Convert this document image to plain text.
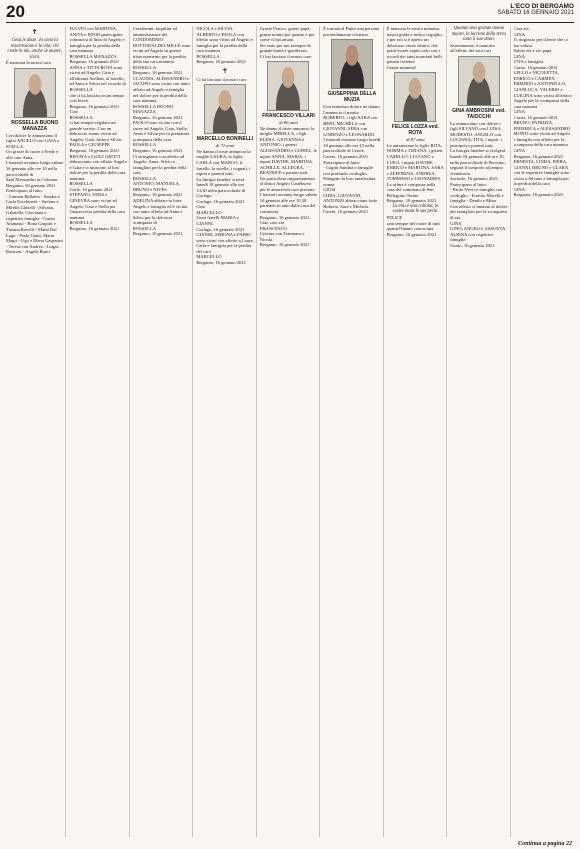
20	L'ECO DI BERGAMO
SABATO 16 GENNAIO 2021
✝
Gesù le disse: Io sono la resurrezione e la vita; chi crede in me, anche se muore, vivrà.
È mancata la nostra cara
ROSSELLA BUONO MANAZZA
Con dolore lo annunciano il figlio ANGELO con GAIA e STELLA.
Un grazie di cuore a Fredy e alle care Anna.
I funerali avranno luogo sabato 16 gennaio alle ore 10 nella parrocchiale di Sant'Alessandro in Colonna.
Bergamo, 16 gennaio 2021
Partecipano al lutto:
- Carmen Ballabio - Sandra e Carla Facchinetti - Stefano e Mirella Ghiselli - Silvana, Gabriella, Giovanna e rispettive famiglie - Guido Attanasio - Bona Gaspari e Tiziana Ravelli - Marta Dal Lago - Paola Giani, Marta Magri - Ugo e Elena Gasparini - Teresa con Andrea - Luigia Ronzoni - Angela Bravi
FULVIO con MARTINA, ANITA e EDOO partecipano commossi al lutto di Angelo e famiglia per la perdita della cara mamma
ROSSELLA MANAZZA
Bergamo, 16 gennaio 2021
ANNA e TITTA ROTA sono vicini ad Angelo, Gaia e all'adorata Stellina, al fratello, ad Anna e Silvio nel ricordo di
ROSSELLA
che ci ha lasciato in un tempo così breve.
Bergamo, 16 gennaio 2021
Ciao
ROSSELLA
ci hai sempre regalato un grande sorriso. Con un abbraccio siamo vicini ad Angelo, Gaia, Anna e Silvio.
PAOLA e GIUSEPPE
Bergamo, 16 gennaio 2021
RENATA e LUIGI GRITTI abbracciano con affetto Angelo e Gaia e si uniscono al loro dolore per la perdita della cara mamma
ROSSELLA
Gorle, 16 gennaio 2021
STEFANO, VERA e GINEVRA sono vicini ad Angelo, Gaia e Stella per l'improvvisa perdita della cara mamma
ROSSELLA
Bergamo, 16 gennaio 2021
Condomini, inquilini ed amministratore del CONDOMINIO BOTTODALDELMILLE sono vicini ad Angelo in questo triste momento per la perdita della sua cara mamma
ROSSELLA
Bergamo, 16 gennaio 2021
CLAUDIA, ALESSANDRO e JACOPO sono vicini con tanto affetto ad Angelo e famiglia nel dolore per la perdita della cara mamma
ROSSELLA BUONO MANAZZA
Bergamo, 16 gennaio 2021
PAOLO sono vicino con il cuore ad Angelo, Gaia, Stella, Anna e Silvio per la prematura scomparsa della cara
ROSSELLA
Bergamo, 16 gennaio 2021
Ci stringiamo con affetto ad Angelo, Anna, Silvio e famigliari per la perdita della cara
ROSSELLA
ANTONIO, MANUELA, BRUNO e NIVES
Bergamo, 16 gennaio 2021
ADELINA abbraccia forte Angelo e famiglia ed è vicina con tanto affetto ad Anna e Silvio per la dolorosa scomparsa di
ROSSELLA
Bergamo, 16 gennaio 2021
NICOLA e SILVIA, ALBERTO e PAOLA con affetto sono vicini ad Angelo e famiglia per la perdita della cara mamma
ROSSELLA
Bergamo, 16 gennaio 2021
✝
Ci ha lasciato il nostro caro
MARCELLO BONINELLI
di 72 anni
Ne danno il triste annuncio la moglie LAURA, la figlia CARLA con MARCO, il fratello, le sorelle, i cognati, i nipoti e parenti tutti.
La liturgia funebre si terrà lunedì 18 gennaio alle ore 14,30 nella parrocchiale di Gorlago.
Gorlago, 16 gennaio 2021
Ciao
MARCELLO
I tuoi fratelli MARIA e GIANNI.
Gorlago, 16 gennaio 2021
GIANNI, SIMONA e FABIO sono vicini con affetto a Laura, Carla e famiglia per la perdita del caro
MARCELLO
Bergamo, 16 gennaio 2021
Grazie Franco, grazie papà, grazie nonno per quanto e per come ci hai amato.
Sei stato per noi esempio di grande bontà e gentilezza.
Ci hai lasciato il nostro caro
FRANCESCO VILLARI
di 86 anni
Ne danno il triste annuncio la moglie MIRELLA, i figli ELENA, GIOVANNA e ANTONIO, i generi ALESSANDRO e CUDIEL, le nipoti ANNA, MARIA, i nipoti DAVIDE, MARTINA, ACHILLE, ALLEGRA, BEATRICE e parenti tutti.
Un particolare ringraziamento al dottor Angelo Castelnovo per le amorevoli cure prestate.
I funerali avranno luogo sabato 16 gennaio alle ore 10,30 partendo in auto dalla casa del commiato.
Bergamo, 16 gennaio 2021
Ciao caro zio
FRANCESCO
Cristina con Tommaso e Nicola.
Bergamo, 16 gennaio 2021
È tornata al Padre una persona profondamente cristiana
GIUSEPPINA DELLA MUZIA
Con immenso dolore ne danno l'annuncio il marito ROBERTO, i figli SARA con BERT, MICHELA con GIOVANNI, SERA con LORENZO e LEONARDO.
I funerali avranno luogo lunedì 18 gennaio alle ore 15 nella parrocchiale di Cerete.
Cerete, 16 gennaio 2021
Partecipano al lutto:
- Cugini Santina e famiglie con profondo cordoglio.
Piangono la loro amatissima nonna
GIUSI
LIDIA, GIOVANNI, ANTONIO abbracciano forte Roberto, Sara e Michela.
Cerete, 16 gennaio 2021
È mancata la nostra mamma, nostra guida e nostro orgoglio, e per noi si è aperto un dolorosso vuoto dentro, che potrà essere supito solo con i ricordi dei tanti momenti belli passati insieme.
Grazie mamma!
FELICE LOZZA ved. ROTA
di 87 anni
Lo annunciano le figlie RITA, NORMA e TIZIANA, i generi CAMILLO, LUCIANO e LUIGI, i nipoti DAVIDE, ENRICO e MARTINA, SARA e ZEFFIRINA, ANDREA, TOMMASO e LEONARDO.
La salma è composta nella casa del commiato di San Pellegrino Terme.
Bergamo, 16 gennaio 2021
La vita è una collana, le vostre mani le sue perle.
FELICE
sarà sempre nel cuore di tutti quanti l'hanno conosciuta.
Bergamo, 16 gennaio 2021
Quando una grande donna muore, le lacrime della terra sono il suo dono.
Serenamente, è mancata all'affetto dei suoi cari
GINA AMBROSINI ved. TAIOCCHI
Lo annunciano con dolore i figli SILVANO con LUISA, MODESTO, ANGELO con LUCIANA, TITA, i nipoti, i pronipoti e parenti tutti.
La liturgia funebre si svolgerà lunedì 18 gennaio alle ore 10, nella parrocchiale di Petosino, seguirà il trasporto al tempio crematorio.
Sorisole, 16 gennaio 2021
Partecipano al lutto:
- Paolo Nervi e famiglia con cordoglio - Ernesto Morelli e famiglia - Danilo e Mina
Con affetto ci uniamo al dolore dei famigliari per la scomparsa di zia
GINA
GINO, ANGELO, ASSUNTA, ALBINA con rispettive famiglie.
Curno, 16 gennaio 2021
Ciao zia
GINA
Ti ringrazio per il bene che ci hai voluto.
Salute zia e zio papà
GINA
TITA e famiglia.
Curno, 16 gennaio 2021
LELLO e NICOLETTA, ENRICO e CARMEN, ERMINIO e ANTONELLO, GIANLUCA, VALERIO e LUIGINA sono vicini all'amico Angelo per la scomparsa della cara mamma
GINA
Curno, 16 gennaio 2021
BRUNO, PATRIZIA, FEDERICA e ALESSANDRO MONTI sono vicini ad Angelo e famiglia con affetto per la scomparsa della cara mamma
GINA
Bergamo, 16 gennaio 2021
ERNESTA, LINDA, PIERA, GIANNI, BRUNO e CLARA con le rispettive famiglie sono vicini a Silvano e famiglia per la perdita della cara
GINA
Bergamo, 16 gennaio 2021
Continua a pagina 22
